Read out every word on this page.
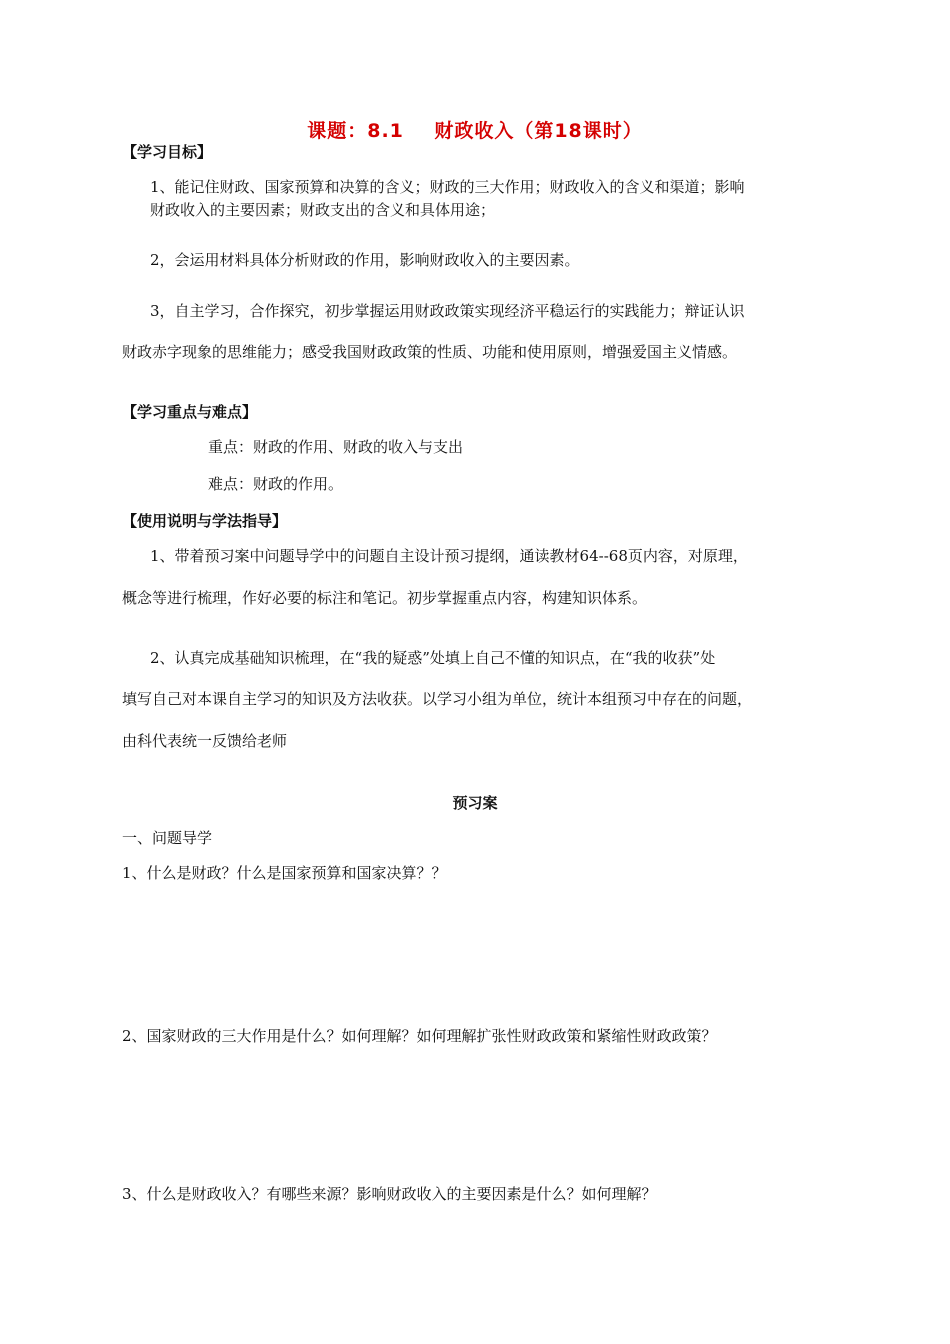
课题：8.1    财政收入（第18课时）
【学习目标】
1、能记住财政、国家预算和决算的含义；财政的三大作用；财政收入的含义和渠道；影响
财政收入的主要因素；财政支出的含义和具体用途；
2，会运用材料具体分析财政的作用，影响财政收入的主要因素。
3，自主学习，合作探究，初步掌握运用财政政策实现经济平稳运行的实践能力；辩证认识
财政赤字现象的思维能力；感受我国财政政策的性质、功能和使用原则，增强爱国主义情感。
【学习重点与难点】
重点：财政的作用、财政的收入与支出
难点：财政的作用。
【使用说明与学法指导】
1、带着预习案中问题导学中的问题自主设计预习提纲，通读教材64--68页内容，对原理，
概念等进行梳理，作好必要的标注和笔记。初步掌握重点内容，构建知识体系。
2、认真完成基础知识梳理，在“我的疑惑”处填上自己不懂的知识点，在“我的收获”处
填写自己对本课自主学习的知识及方法收获。以学习小组为单位，统计本组预习中存在的问题，
由科代表统一反馈给老师
预习案
一、问题导学
1、什么是财政？什么是国家预算和国家决算？？
2、国家财政的三大作用是什么？如何理解？如何理解扩张性财政政策和紧缩性财政政策？
3、什么是财政收入？有哪些来源？影响财政收入的主要因素是什么？如何理解？
